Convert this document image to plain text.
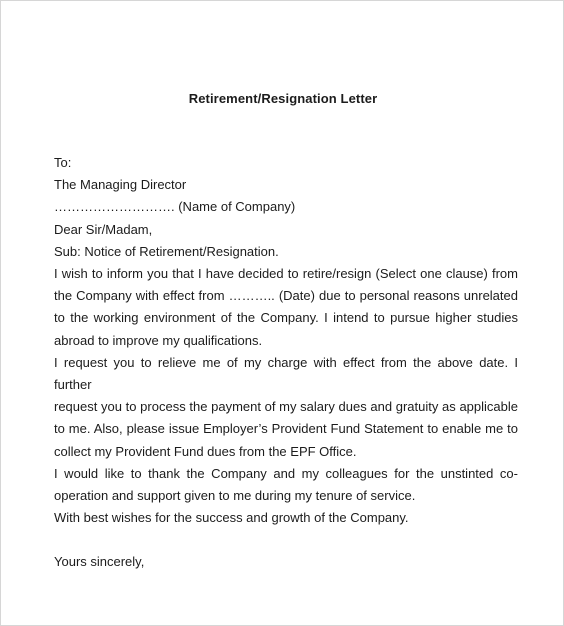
Retirement/Resignation Letter
To:
The Managing Director
………………………. (Name of Company)
Dear Sir/Madam,
Sub: Notice of Retirement/Resignation.
I wish to inform you that I have decided to retire/resign (Select one clause) from
the Company with effect from ……….. (Date) due to personal reasons unrelated
to the working environment of the Company. I intend to pursue higher studies
abroad to improve my qualifications.
I request you to relieve me of my charge with effect from the above date. I further
request you to process the payment of my salary dues and gratuity as applicable
to me. Also, please issue Employer’s Provident Fund Statement to enable me to
collect my Provident Fund dues from the EPF Office.
I would like to thank the Company and my colleagues for the unstinted co-
operation and support given to me during my tenure of service.
With best wishes for the success and growth of the Company.
Yours sincerely,
